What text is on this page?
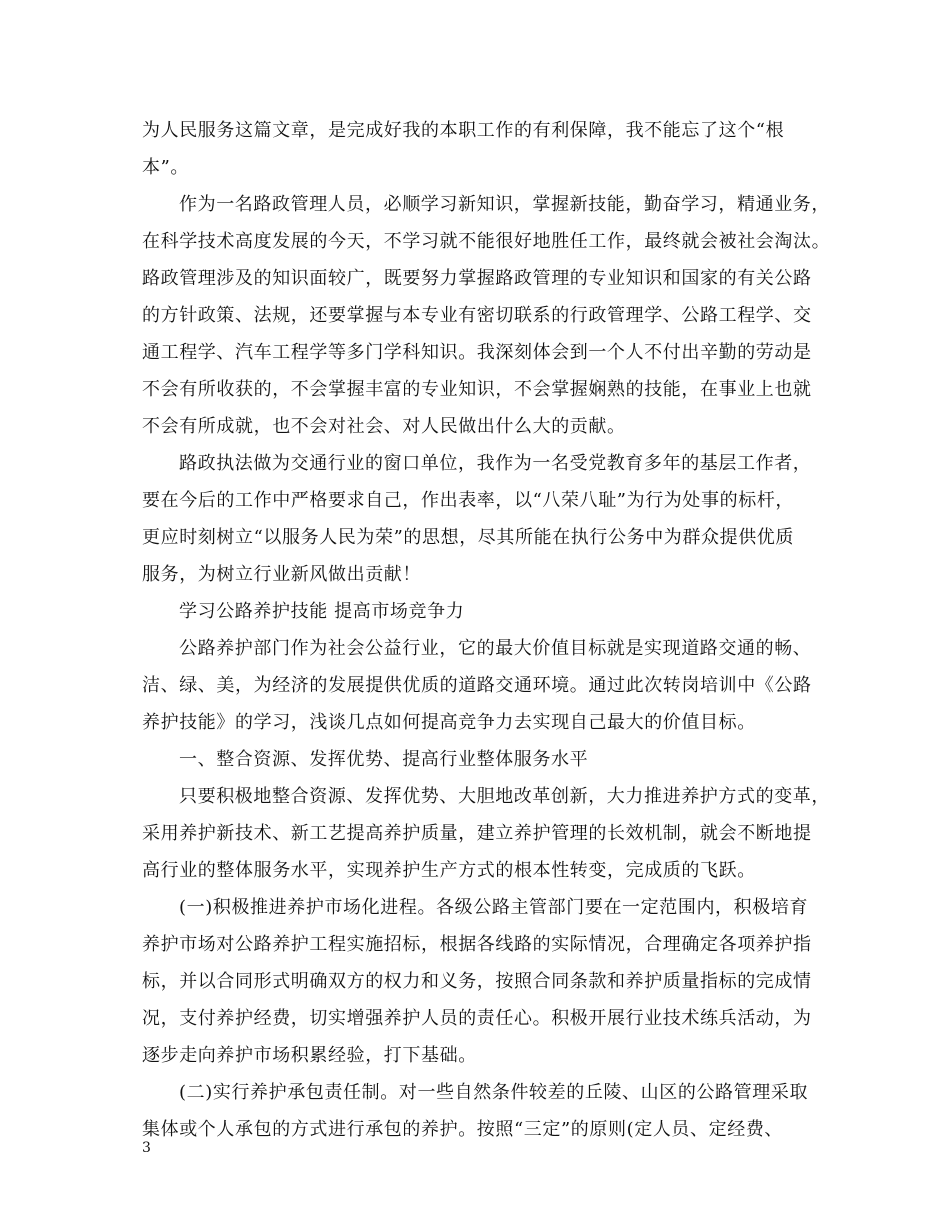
为人民服务这篇文章，是完成好我的本职工作的有利保障，我不能忘了这个“根
本”。
作为一名路政管理人员，必顺学习新知识，掌握新技能，勤奋学习，精通业务，
在科学技术高度发展的今天，不学习就不能很好地胜任工作，最终就会被社会淘汰。
路政管理涉及的知识面较广，既要努力掌握路政管理的专业知识和国家的有关公路
的方针政策、法规，还要掌握与本专业有密切联系的行政管理学、公路工程学、交
通工程学、汽车工程学等多门学科知识。我深刻体会到一个人不付出辛勤的劳动是
不会有所收获的，不会掌握丰富的专业知识，不会掌握娴熟的技能，在事业上也就
不会有所成就，也不会对社会、对人民做出什么大的贡献。
路政执法做为交通行业的窗口单位，我作为一名受党教育多年的基层工作者，
要在今后的工作中严格要求自己，作出表率，以“八荣八耻”为行为处事的标杆，
更应时刻树立“以服务人民为荣”的思想，尽其所能在执行公务中为群众提供优质
服务，为树立行业新风做出贡献！
学习公路养护技能 提高市场竞争力
公路养护部门作为社会公益行业，它的最大价值目标就是实现道路交通的畅、
洁、绿、美，为经济的发展提供优质的道路交通环境。通过此次转岗培训中《公路
养护技能》的学习，浅谈几点如何提高竞争力去实现自己最大的价值目标。
一、整合资源、发挥优势、提高行业整体服务水平
只要积极地整合资源、发挥优势、大胆地改革创新，大力推进养护方式的变革，
采用养护新技术、新工艺提高养护质量，建立养护管理的长效机制，就会不断地提
高行业的整体服务水平，实现养护生产方式的根本性转变，完成质的飞跃。
(一)积极推进养护市场化进程。各级公路主管部门要在一定范围内，积极培育
养护市场对公路养护工程实施招标，根据各线路的实际情况，合理确定各项养护指
标，并以合同形式明确双方的权力和义务，按照合同条款和养护质量指标的完成情
况，支付养护经费，切实增强养护人员的责任心。积极开展行业技术练兵活动，为
逐步走向养护市场积累经验，打下基础。
(二)实行养护承包责任制。对一些自然条件较差的丘陵、山区的公路管理采取
集体或个人承包的方式进行承包的养护。按照“三定”的原则(定人员、定经费、
3
